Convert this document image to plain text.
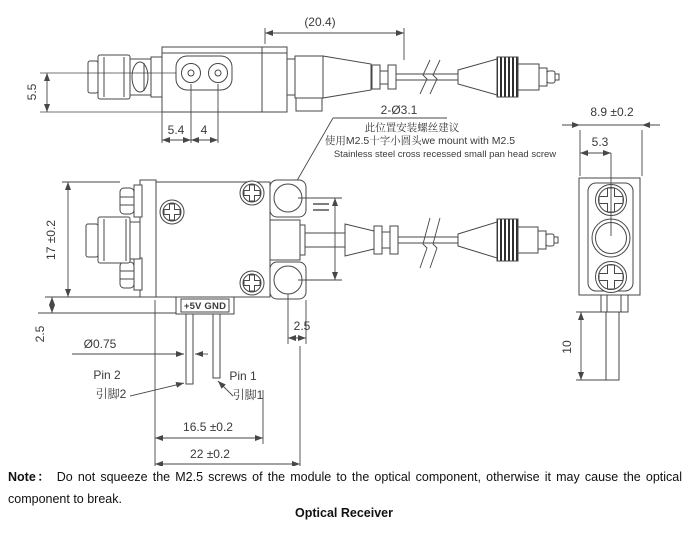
(20.4)
5.5
5.4 4
2-Ø3.1
此位置安装螺丝建议
使用M2.5十字小圆头we mount with M2.5
Stainless steel cross recessed small pan head screw
17 ±0.2
2.5	2.5
+5V GND
Ø0.75
Pin 2
引脚2
Pin 1
引脚1
16.5 ±0.2
22 ±0.2
8.9 ±0.2
5.3
10
Note： Do not squeeze the M2.5 screws of the module to the optical component, otherwise it may cause the optical component to break.
Optical Receiver
